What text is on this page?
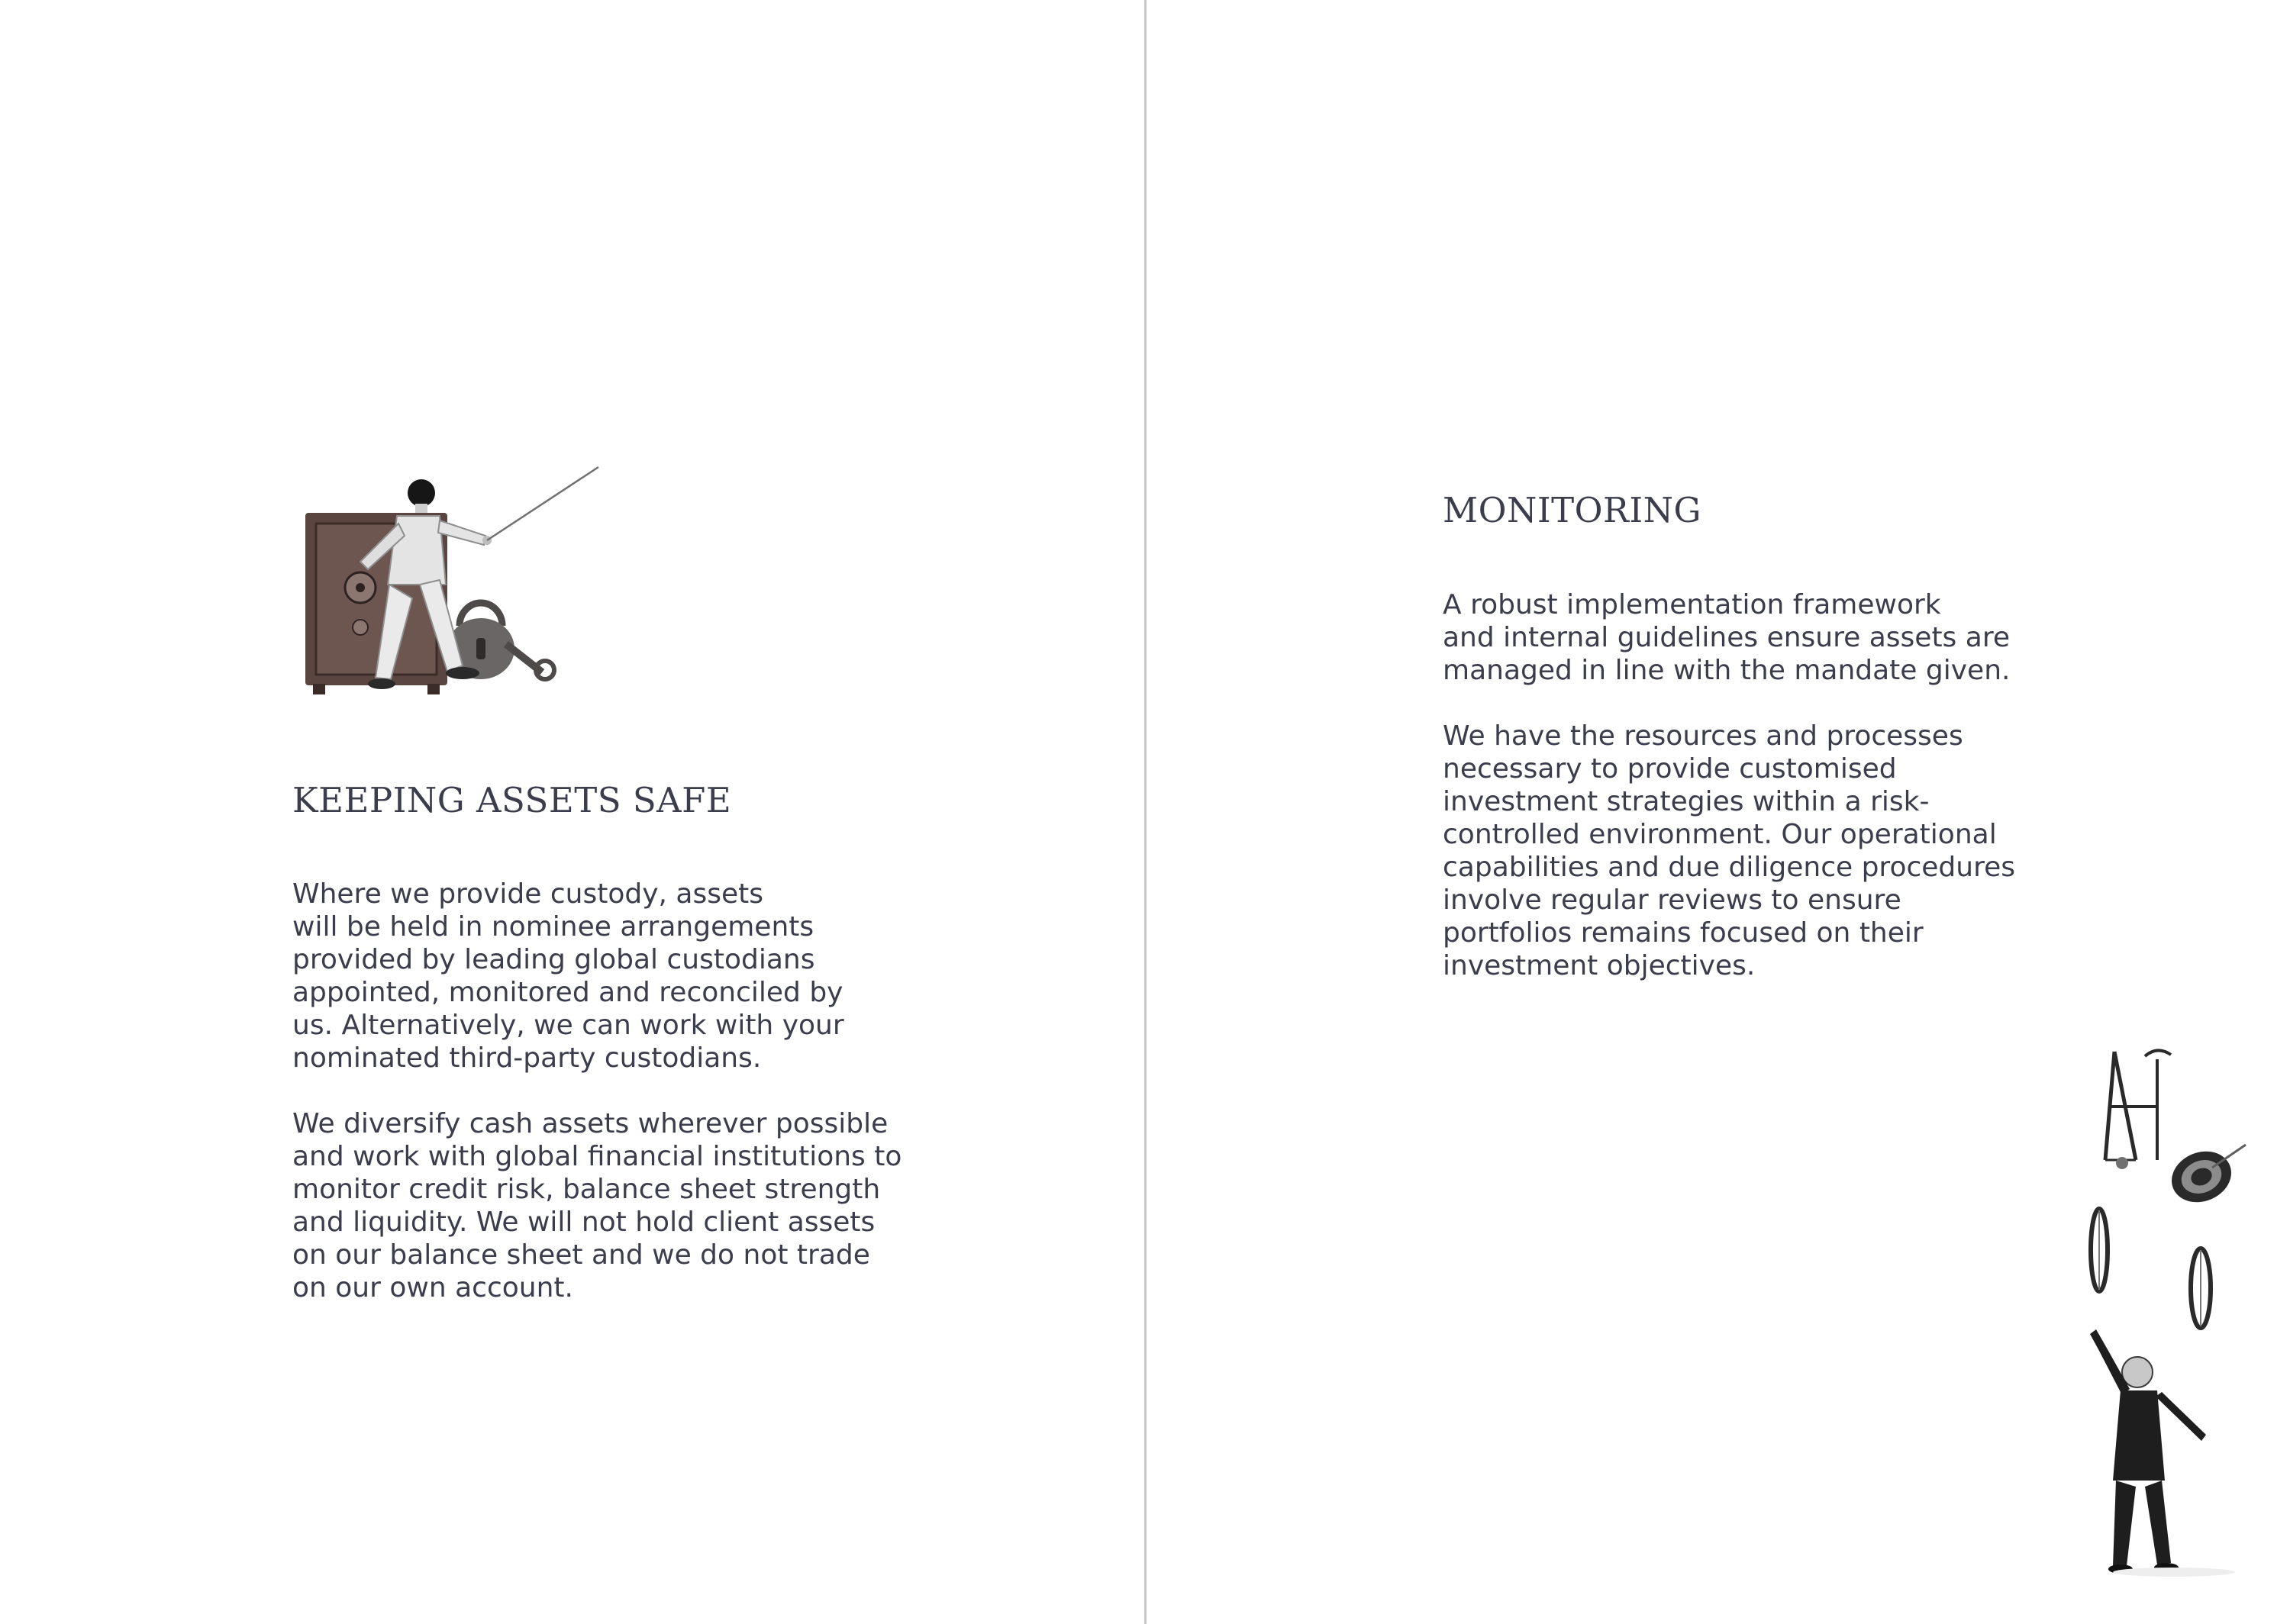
KEEPING ASSETS SAFE

Where we provide custody, assets
will be held in nominee arrangements
provided by leading global custodians
appointed, monitored and reconciled by
us. Alternatively, we can work with your
nominated third-party custodians.

We diversify cash assets wherever possible
and work with global financial institutions to
monitor credit risk, balance sheet strength
and liquidity. We will not hold client assets
on our balance sheet and we do not trade
on our own account.

MONITORING

A robust implementation framework
and internal guidelines ensure assets are
managed in line with the mandate given.

We have the resources and processes
necessary to provide customised
investment strategies within a risk-
controlled environment. Our operational
capabilities and due diligence procedures
involve regular reviews to ensure
portfolios remains focused on their
investment objectives.
